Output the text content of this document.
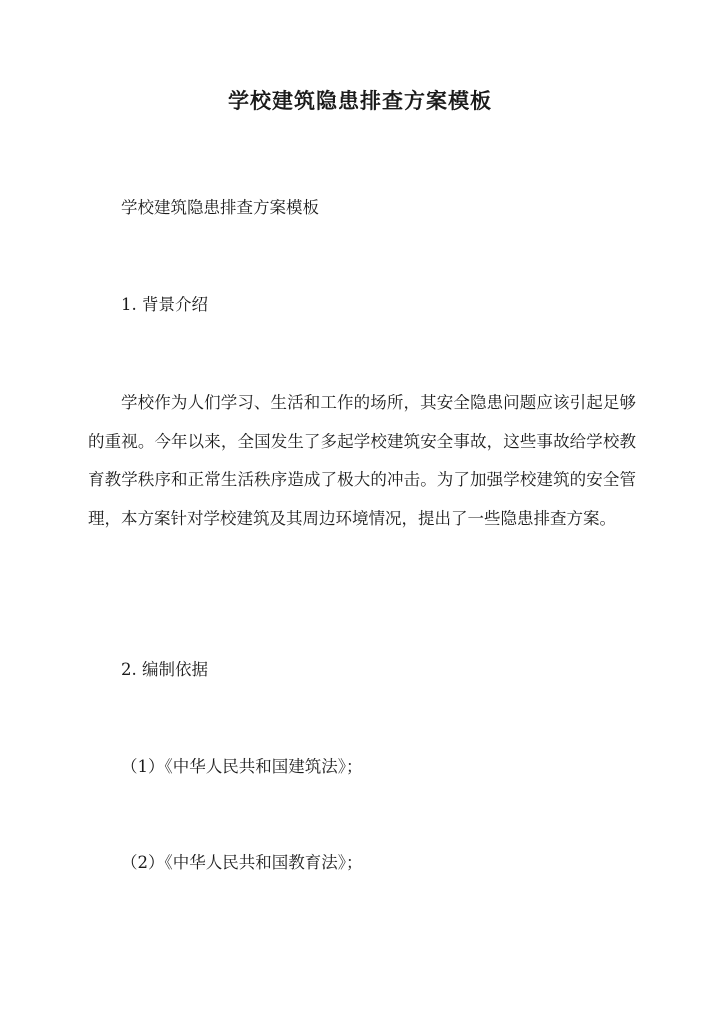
学校建筑隐患排查方案模板
学校建筑隐患排查方案模板
1. 背景介绍
学校作为人们学习、生活和工作的场所，其安全隐患问题应该引起足够的重视。今年以来，全国发生了多起学校建筑安全事故，这些事故给学校教育教学秩序和正常生活秩序造成了极大的冲击。为了加强学校建筑的安全管理，本方案针对学校建筑及其周边环境情况，提出了一些隐患排查方案。
2. 编制依据
（1）《中华人民共和国建筑法》；
（2）《中华人民共和国教育法》；
